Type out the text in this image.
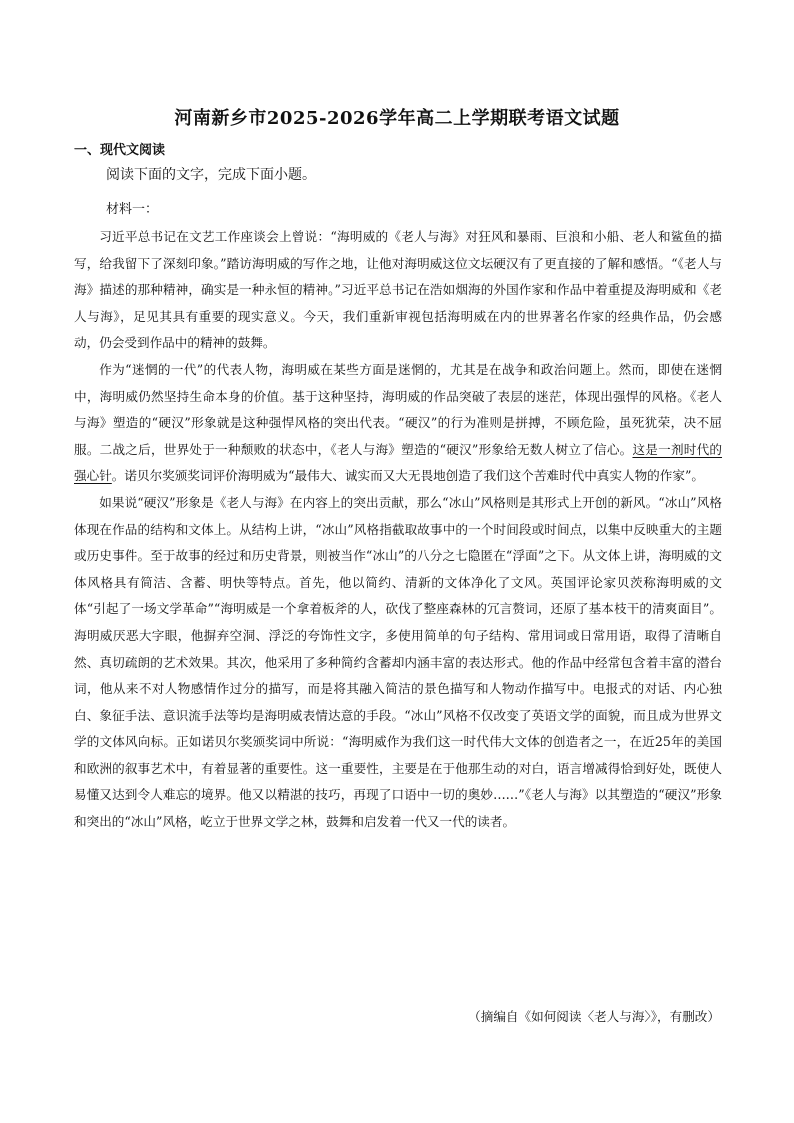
河南新乡市2025-2026学年高二上学期联考语文试题
一、现代文阅读

阅读下面的文字，完成下面小题。

材料一：

习近平总书记在文艺工作座谈会上曾说：“海明威的《老人与海》对狂风和暴雨、巨浪和小船、老人和鲨鱼的描写，给我留下了深刻印象。”踏访海明威的写作之地，让他对海明威这位文坛硬汉有了更直接的了解和感悟。“《老人与海》描述的那种精神，确实是一种永恒的精神。”习近平总书记在浩如烟海的外国作家和作品中着重提及海明威和《老人与海》，足见其具有重要的现实意义。今天，我们重新审视包括海明威在内的世界著名作家的经典作品，仍会感动，仍会受到作品中的精神的鼓舞。

作为“迷惘的一代”的代表人物，海明威在某些方面是迷惘的，尤其是在战争和政治问题上。然而，即使在迷惘中，海明威仍然坚持生命本身的价值。基于这种坚持，海明威的作品突破了表层的迷茫，体现出强悍的风格。《老人与海》塑造的“硬汉”形象就是这种强悍风格的突出代表。“硬汉”的行为准则是拼搏，不顾危险，虽死犹荣，决不屈服。二战之后，世界处于一种颓败的状态中，《老人与海》塑造的“硬汉”形象给无数人树立了信心。这是一剂时代的强心针。诺贝尔奖颁奖词评价海明威为“最伟大、诚实而又大无畏地创造了我们这个苦难时代中真实人物的作家”。

如果说“硬汉”形象是《老人与海》在内容上的突出贡献，那么“冰山”风格则是其形式上开创的新风。“冰山”风格体现在作品的结构和文体上。从结构上讲，“冰山”风格指截取故事中的一个时间段或时间点，以集中反映重大的主题或历史事件。至于故事的经过和历史背景，则被当作“冰山”的八分之七隐匿在“浮面”之下。从文体上讲，海明威的文体风格具有简洁、含蓄、明快等特点。首先，他以简约、清新的文体净化了文风。英国评论家贝茨称海明威的文体“引起了一场文学革命”“海明威是一个拿着板斧的人，砍伐了整座森林的冗言赘词，还原了基本枝干的清爽面目”。海明威厌恶大字眼，他摒弃空洞、浮泛的夸饰性文字，多使用简单的句子结构、常用词或日常用语，取得了清晰自然、真切疏朗的艺术效果。其次，他采用了多种简约含蓄却内涵丰富的表达形式。他的作品中经常包含着丰富的潜台词，他从来不对人物感情作过分的描写，而是将其融入简洁的景色描写和人物动作描写中。电报式的对话、内心独白、象征手法、意识流手法等均是海明威表情达意的手段。“冰山”风格不仅改变了英语文学的面貌，而且成为世界文学的文体风向标。正如诺贝尔奖颁奖词中所说：“海明威作为我们这一时代伟大文体的创造者之一，在近25年的美国和欧洲的叙事艺术中，有着显著的重要性。这一重要性，主要是在于他那生动的对白，语言增减得恰到好处，既使人易懂又达到令人难忘的境界。他又以精湛的技巧，再现了口语中一切的奥妙……”《老人与海》以其塑造的“硬汉”形象和突出的“冰山”风格，屹立于世界文学之林，鼓舞和启发着一代又一代的读者。

（摘编自《如何阅读〈老人与海〉》，有删改）
